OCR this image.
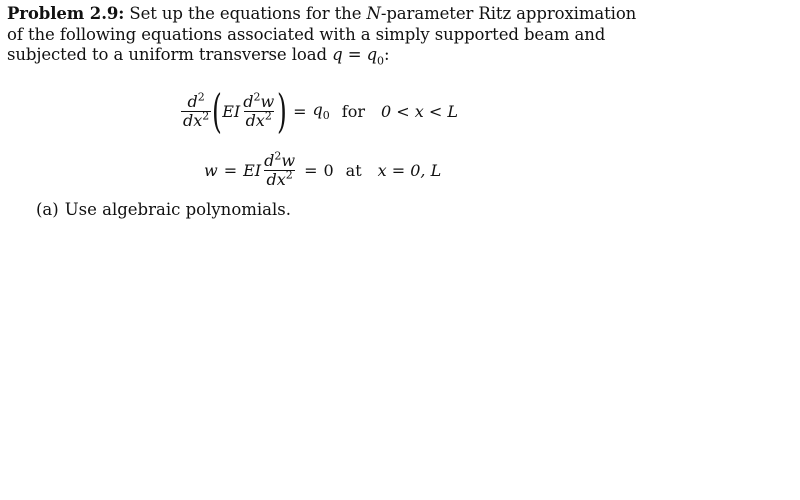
Problem 2.9: Set up the equations for the N-parameter Ritz approximation of the following equations associated with a simply supported beam and subjected to a uniform transverse load $q = q_0$:
$\frac{d^2}{dx^2}$ ( EI $\frac{d^2w}{dx^2}$ ) = $q_0$ for 0 < x < L
w = EI $\frac{d^2w}{dx^2} = 0$ at x = 0, L
(a) Use algebraic polynomials.
